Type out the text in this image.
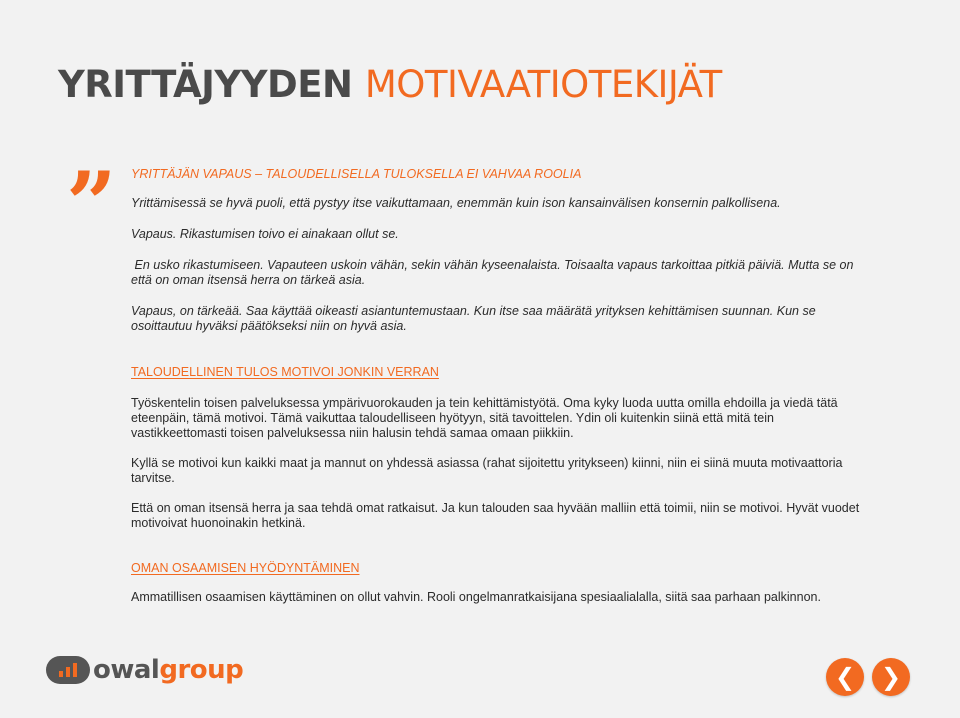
YRITTÄJYYDEN MOTIVAATIOTEKIJÄT
” YRITTÄJÄN VAPAUS – TALOUDELLISELLA TULOKSELLA EI VAHVAA ROOLIA

Yrittämisessä se hyvä puoli, että pystyy itse vaikuttamaan, enemmän kuin ison kansainvälisen konsernin palkollisena.

Vapaus. Rikastumisen toivo ei ainakaan ollut se.

En usko rikastumiseen. Vapauteen uskoin vähän, sekin vähän kyseenalaista. Toisaalta vapaus tarkoittaa pitkiä päiviä. Mutta se on että on oman itsensä herra on tärkeä asia.

Vapaus, on tärkeää. Saa käyttää oikeasti asiantuntemustaan. Kun itse saa määrätä yrityksen kehittämisen suunnan. Kun se osoittautuu hyväksi päätökseksi niin on hyvä asia.

TALOUDELLINEN TULOS MOTIVOI JONKIN VERRAN

Työskentelin toisen palveluksessa ympärivuorokauden ja tein kehittämistyötä. Oma kyky luoda uutta omilla ehdoilla ja viedä tätä eteenpäin, tämä motivoi. Tämä vaikuttaa taloudelliseen hyötyyn, sitä tavoittelen. Ydin oli kuitenkin siinä että mitä tein vastikkeettomasti toisen palveluksessa niin halusin tehdä samaa omaan piikkiin.

Kyllä se motivoi kun kaikki maat ja mannut on yhdessä asiassa (rahat sijoitettu yritykseen) kiinni, niin ei siinä muuta motivaattoria tarvitse.

Että on oman itsensä herra ja saa tehdä omat ratkaisut. Ja kun talouden saa hyvään malliin että toimii, niin se motivoi. Hyvät vuodet motivoivat huonoinakin hetkinä.

OMAN OSAAMISEN HYÖDYNTÄMINEN

Ammatillisen osaamisen käyttäminen on ollut vahvin. Rooli ongelmanratkaisijana spesiaalialalla, siitä saa parhaan palkinnon.

owalgroup	❮ ❯
